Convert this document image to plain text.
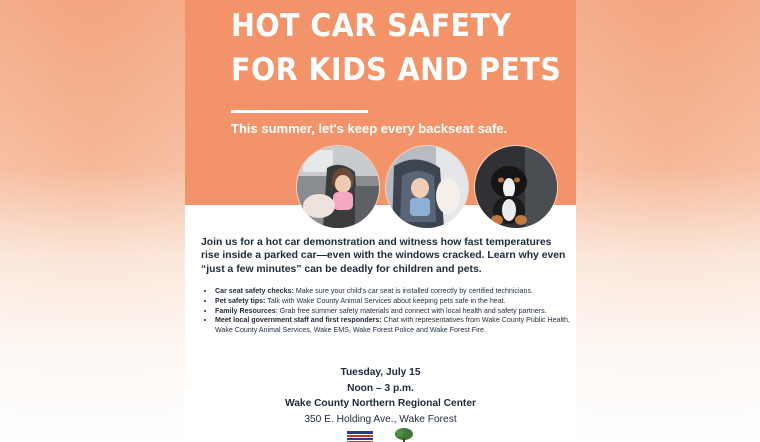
HOT CAR SAFETY
FOR KIDS AND PETS
This summer, let's keep every backseat safe.

Join us for a hot car demonstration and witness how fast temperatures rise inside a parked car—even with the windows cracked. Learn why even “just a few minutes” can be deadly for children and pets.

• Car seat safety checks: Make sure your child's car seat is installed correctly by certified technicians.
• Pet safety tips: Talk with Wake County Animal Services about keeping pets safe in the heat.
• Family Resources: Grab free summer safety materials and connect with local health and safety partners.
• Meet local government staff and first responders: Chat with representatives from Wake County Public Health, Wake County Animal Services, Wake EMS, Wake Forest Police and Wake Forest Fire.
Tuesday, July 15
Noon – 3 p.m.
Wake County Northern Regional Center
350 E. Holding Ave., Wake Forest
